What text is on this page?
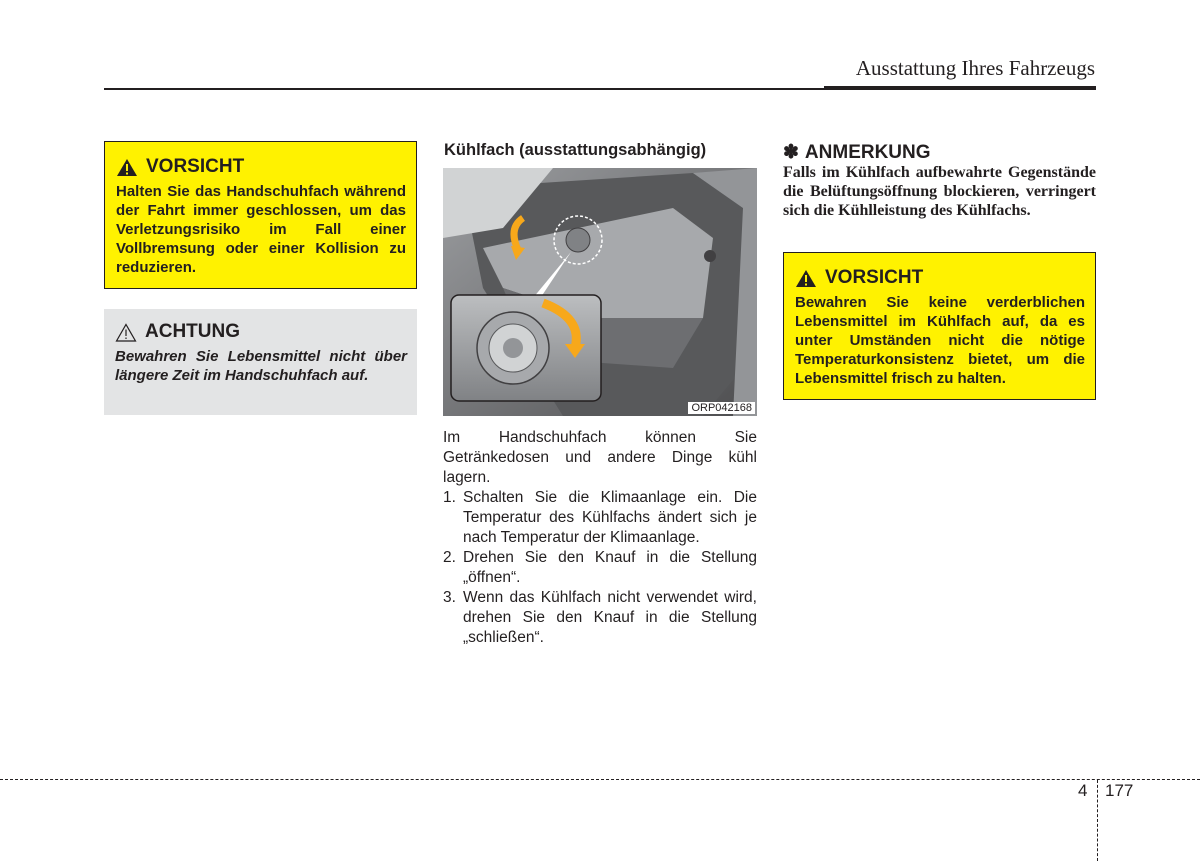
Ausstattung Ihres Fahrzeugs
VORSICHT
Halten Sie das Handschuhfach während der Fahrt immer geschlossen, um das Verletzungsrisiko im Fall einer Vollbremsung oder einer Kollision zu reduzieren.
ACHTUNG
Bewahren Sie Lebensmittel nicht über längere Zeit im Handschuhfach auf.
Kühlfach (ausstattungsabhängig)
ORP042168
Im Handschuhfach können Sie Getränkedosen und andere Dinge kühl lagern.
1. Schalten Sie die Klimaanlage ein. Die Temperatur des Kühlfachs ändert sich je nach Temperatur der Klimaanlage.
2. Drehen Sie den Knauf in die Stellung „öffnen“.
3. Wenn das Kühlfach nicht verwendet wird, drehen Sie den Knauf in die Stellung „schließen“.
✽ ANMERKUNG
Falls im Kühlfach aufbewahrte Gegenstände die Belüftungsöffnung blockieren, verringert sich die Kühlleistung des Kühlfachs.
VORSICHT
Bewahren Sie keine verderblichen Lebensmittel im Kühlfach auf, da es unter Umständen nicht die nötige Temperaturkonsistenz bietet, um die Lebensmittel frisch zu halten.
4 177
